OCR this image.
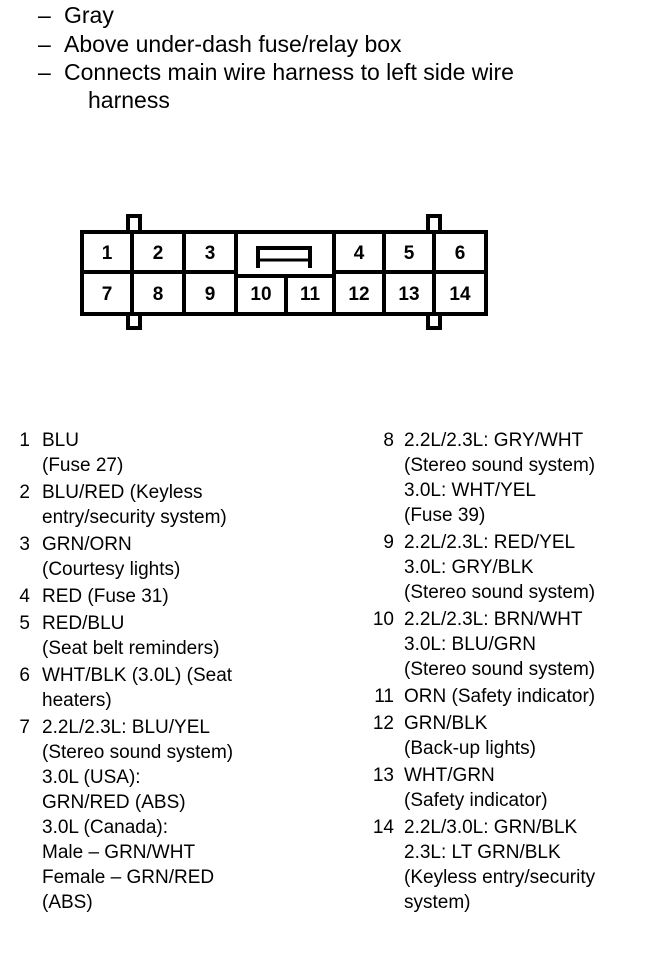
– Gray
– Above under-dash fuse/relay box
– Connects main wire harness to left side wire
harness
1 2 3	4 5 6
7 8 9 10 11 12 13 14
1 BLU
(Fuse 27)
2 BLU/RED (Keyless
entry/security system)
3 GRN/ORN
(Courtesy lights)
4 RED (Fuse 31)
5 RED/BLU
(Seat belt reminders)
6 WHT/BLK (3.0L) (Seat
heaters)
7 2.2L/2.3L: BLU/YEL
(Stereo sound system)
3.0L (USA):
GRN/RED (ABS)
3.0L (Canada):
Male – GRN/WHT
Female – GRN/RED
(ABS)
8 2.2L/2.3L: GRY/WHT
(Stereo sound system)
3.0L: WHT/YEL
(Fuse 39)
9 2.2L/2.3L: RED/YEL
3.0L: GRY/BLK
(Stereo sound system)
10 2.2L/2.3L: BRN/WHT
3.0L: BLU/GRN
(Stereo sound system)
11 ORN (Safety indicator)
12 GRN/BLK
(Back-up lights)
13 WHT/GRN
(Safety indicator)
14 2.2L/3.0L: GRN/BLK
2.3L: LT GRN/BLK
(Keyless entry/security
system)
